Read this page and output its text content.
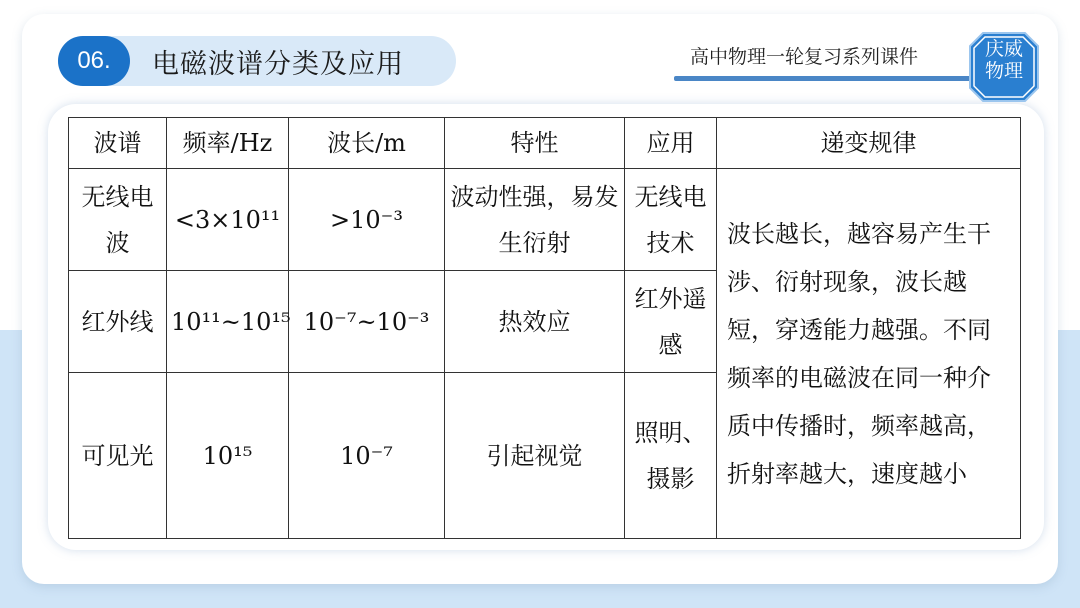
06.	电磁波谱分类及应用	高中物理一轮复习系列课件	庆威
物理
波谱	频率/Hz	波长/m	特性	应用	递变规律
无线电波	<3×10¹¹	>10⁻³	波动性强，易发生衍射	无线电技术	波长越长，越容易产生干涉、衍射现象，波长越短，穿透能力越强。不同频率的电磁波在同一种介质中传播时，频率越高，折射率越大，速度越小
红外线	10¹¹~10¹⁵	10⁻⁷~10⁻³	热效应	红外遥感	
可见光	10¹⁵	10⁻⁷	引起视觉	照明、摄影	
